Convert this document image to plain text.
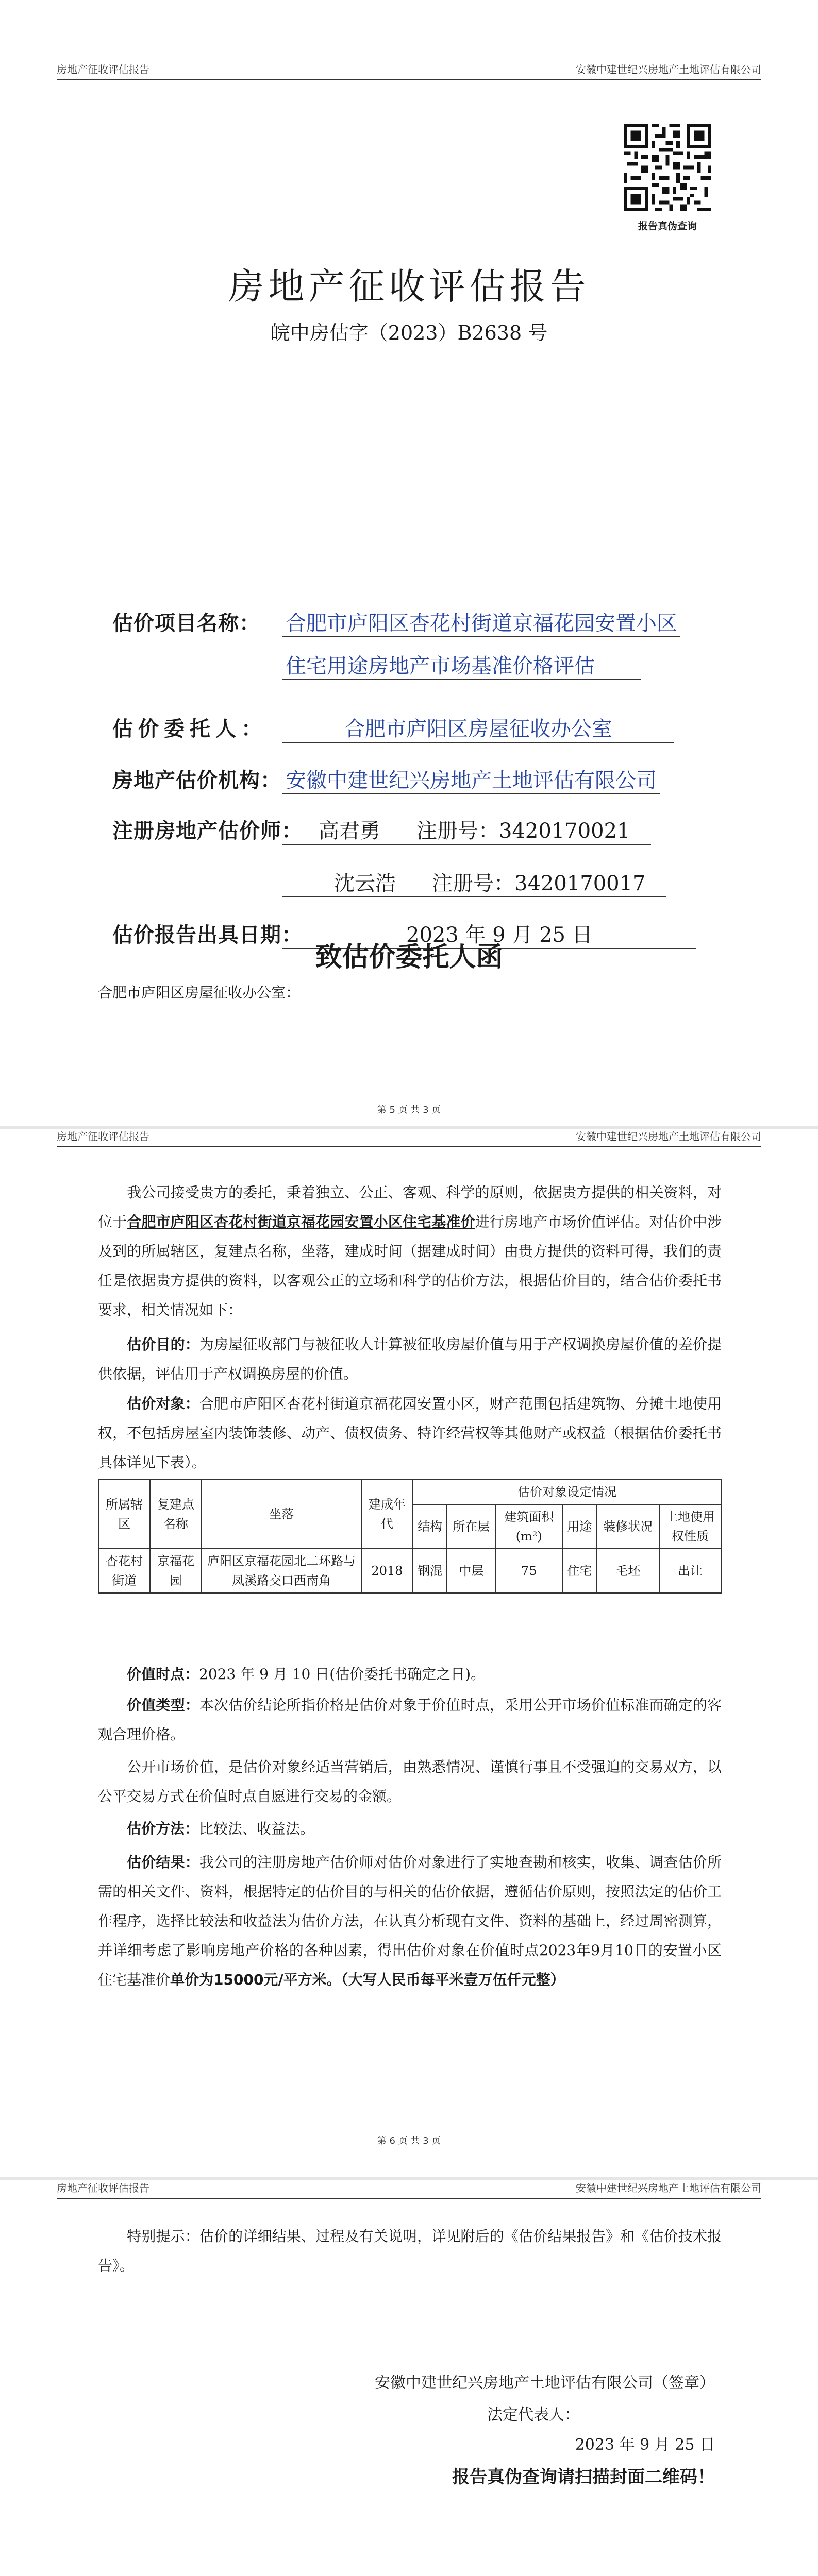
房地产征收评估报告	安徽中建世纪兴房地产土地评估有限公司
报告真伪查询
房地产征收评估报告
皖中房估字（2023）B2638 号
估价项目名称： 合肥市庐阳区杏花村街道京福花园安置小区
住宅用途房地产市场基准价格评估
估价委托人：	合肥市庐阳区房屋征收办公室
房地产估价机构： 安徽中建世纪兴房地产土地评估有限公司
注册房地产估价师： 高君勇 注册号：3420170021
沈云浩 注册号：3420170017
估价报告出具日期：	2023 年 9 月 25 日
致估价委托人函
合肥市庐阳区房屋征收办公室：
第 5 页 共 3 页
房地产征收评估报告	安徽中建世纪兴房地产土地评估有限公司
我公司接受贵方的委托，秉着独立、公正、客观、科学的原则，依据贵方提供的相关资料，对位于合肥市庐阳区杏花村街道京福花园安置小区住宅基准价进行房地产市场价值评估。对估价中涉及到的所属辖区，复建点名称，坐落，建成时间（据建成时间）由贵方提供的资料可得，我们的责任是依据贵方提供的资料，以客观公正的立场和科学的估价方法，根据估价目的，结合估价委托书要求，相关情况如下：
估价目的：为房屋征收部门与被征收人计算被征收房屋价值与用于产权调换房屋价值的差价提供依据，评估用于产权调换房屋的价值。
估价对象：合肥市庐阳区杏花村街道京福花园安置小区，财产范围包括建筑物、分摊土地使用权，不包括房屋室内装饰装修、动产、债权债务、特许经营权等其他财产或权益（根据估价委托书具体详见下表）。
所属辖区	复建点名称	坐落	建成年代	估价对象设定情况					
				结构	所在层	建筑面积(m²)	用途	装修状况	土地使用权性质
杏花村街道	京福花园	庐阳区京福花园北二环路与凤溪路交口西南角	2018	钢混	中层	75	住宅	毛坯	出让
价值时点：2023 年 9 月 10 日(估价委托书确定之日)。
价值类型：本次估价结论所指价格是估价对象于价值时点，采用公开市场价值标准而确定的客观合理价格。
公开市场价值，是估价对象经适当营销后，由熟悉情况、谨慎行事且不受强迫的交易双方，以公平交易方式在价值时点自愿进行交易的金额。
估价方法：比较法、收益法。
估价结果：我公司的注册房地产估价师对估价对象进行了实地查勘和核实，收集、调查估价所需的相关文件、资料，根据特定的估价目的与相关的估价依据，遵循估价原则，按照法定的估价工作程序，选择比较法和收益法为估价方法，在认真分析现有文件、资料的基础上，经过周密测算，并详细考虑了影响房地产价格的各种因素，得出估价对象在价值时点2023年9月10日的安置小区住宅基准价单价为15000元/平方米。（大写人民币每平米壹万伍仟元整）
第 6 页 共 3 页
房地产征收评估报告	安徽中建世纪兴房地产土地评估有限公司
特别提示：估价的详细结果、过程及有关说明，详见附后的《估价结果报告》和《估价技术报告》。
安徽中建世纪兴房地产土地评估有限公司（签章）
法定代表人：
2023 年 9 月 25 日
报告真伪查询请扫描封面二维码！
